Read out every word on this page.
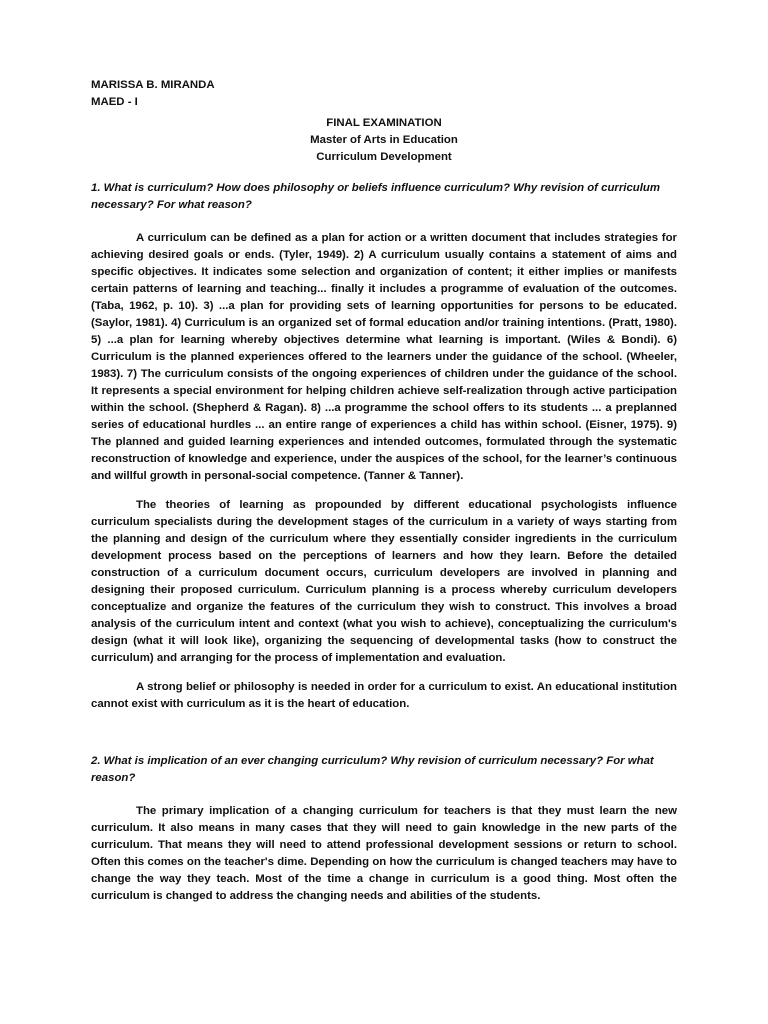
MARISSA B. MIRANDA

MAED - I

FINAL EXAMINATION
Master of Arts in Education
Curriculum Development

1. What is curriculum? How does philosophy or beliefs influence curriculum? Why revision of curriculum necessary? For what reason?

A curriculum can be defined as a plan for action or a written document that includes strategies for achieving desired goals or ends. (Tyler, 1949). 2) A curriculum usually contains a statement of aims and specific objectives. It indicates some selection and organization of content; it either implies or manifests certain patterns of learning and teaching... finally it includes a programme of evaluation of the outcomes. (Taba, 1962, p. 10). 3) ...a plan for providing sets of learning opportunities for persons to be educated. (Saylor, 1981). 4) Curriculum is an organized set of formal education and/or training intentions. (Pratt, 1980). 5) ...a plan for learning whereby objectives determine what learning is important. (Wiles & Bondi). 6) Curriculum is the planned experiences offered to the learners under the guidance of the school. (Wheeler, 1983). 7) The curriculum consists of the ongoing experiences of children under the guidance of the school. It represents a special environment for helping children achieve self-realization through active participation within the school. (Shepherd & Ragan). 8) ...a programme the school offers to its students ... a preplanned series of educational hurdles ... an entire range of experiences a child has within school. (Eisner, 1975). 9) The planned and guided learning experiences and intended outcomes, formulated through the systematic reconstruction of knowledge and experience, under the auspices of the school, for the learner’s continuous and willful growth in personal-social competence. (Tanner & Tanner).

The theories of learning as propounded by different educational psychologists influence curriculum specialists during the development stages of the curriculum in a variety of ways starting from the planning and design of the curriculum where they essentially consider ingredients in the curriculum development process based on the perceptions of learners and how they learn. Before the detailed construction of a curriculum document occurs, curriculum developers are involved in planning and designing their proposed curriculum. Curriculum planning is a process whereby curriculum developers conceptualize and organize the features of the curriculum they wish to construct. This involves a broad analysis of the curriculum intent and context (what you wish to achieve), conceptualizing the curriculum's design (what it will look like), organizing the sequencing of developmental tasks (how to construct the curriculum) and arranging for the process of implementation and evaluation.

A strong belief or philosophy is needed in order for a curriculum to exist. An educational institution cannot exist with curriculum as it is the heart of education.

2. What is implication of an ever changing curriculum? Why revision of curriculum necessary? For what reason?

The primary implication of a changing curriculum for teachers is that they must learn the new curriculum. It also means in many cases that they will need to gain knowledge in the new parts of the curriculum. That means they will need to attend professional development sessions or return to school. Often this comes on the teacher's dime. Depending on how the curriculum is changed teachers may have to change the way they teach. Most of the time a change in curriculum is a good thing. Most often the curriculum is changed to address the changing needs and abilities of the students.
